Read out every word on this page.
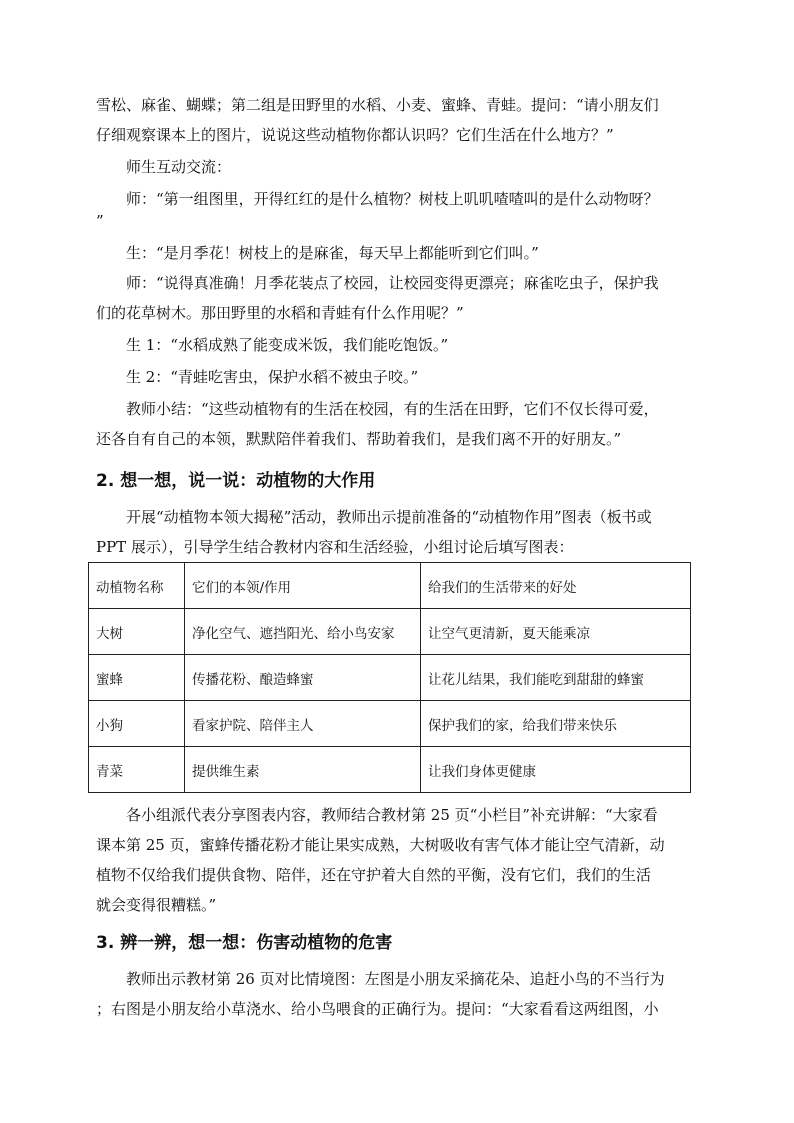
雪松、麻雀、蝴蝶；第二组是田野里的水稻、小麦、蜜蜂、青蛙。提问：“请小朋友们
仔细观察课本上的图片，说说这些动植物你都认识吗？它们生活在什么地方？”
师生互动交流：
师：“第一组图里，开得红红的是什么植物？树枝上叽叽喳喳叫的是什么动物呀？
”
生：“是月季花！树枝上的是麻雀，每天早上都能听到它们叫。”
师：“说得真准确！月季花装点了校园，让校园变得更漂亮；麻雀吃虫子，保护我
们的花草树木。那田野里的水稻和青蛙有什么作用呢？”
生 1：“水稻成熟了能变成米饭，我们能吃饱饭。”
生 2：“青蛙吃害虫，保护水稻不被虫子咬。”
教师小结：“这些动植物有的生活在校园，有的生活在田野，它们不仅长得可爱，
还各自有自己的本领，默默陪伴着我们、帮助着我们，是我们离不开的好朋友。”
2. 想一想，说一说：动植物的大作用
开展“动植物本领大揭秘”活动，教师出示提前准备的“动植物作用”图表（板书或
PPT 展示），引导学生结合教材内容和生活经验，小组讨论后填写图表：
动植物名称	它们的本领/作用	给我们的生活带来的好处
大树	净化空气、遮挡阳光、给小鸟安家	让空气更清新，夏天能乘凉
蜜蜂	传播花粉、酿造蜂蜜	让花儿结果，我们能吃到甜甜的蜂蜜
小狗	看家护院、陪伴主人	保护我们的家，给我们带来快乐
青菜	提供维生素	让我们身体更健康
各小组派代表分享图表内容，教师结合教材第 25 页“小栏目”补充讲解：“大家看
课本第 25 页，蜜蜂传播花粉才能让果实成熟，大树吸收有害气体才能让空气清新，动
植物不仅给我们提供食物、陪伴，还在守护着大自然的平衡，没有它们，我们的生活
就会变得很糟糕。”
3. 辨一辨，想一想：伤害动植物的危害
教师出示教材第 26 页对比情境图：左图是小朋友采摘花朵、追赶小鸟的不当行为
；右图是小朋友给小草浇水、给小鸟喂食的正确行为。提问：“大家看看这两组图，小
